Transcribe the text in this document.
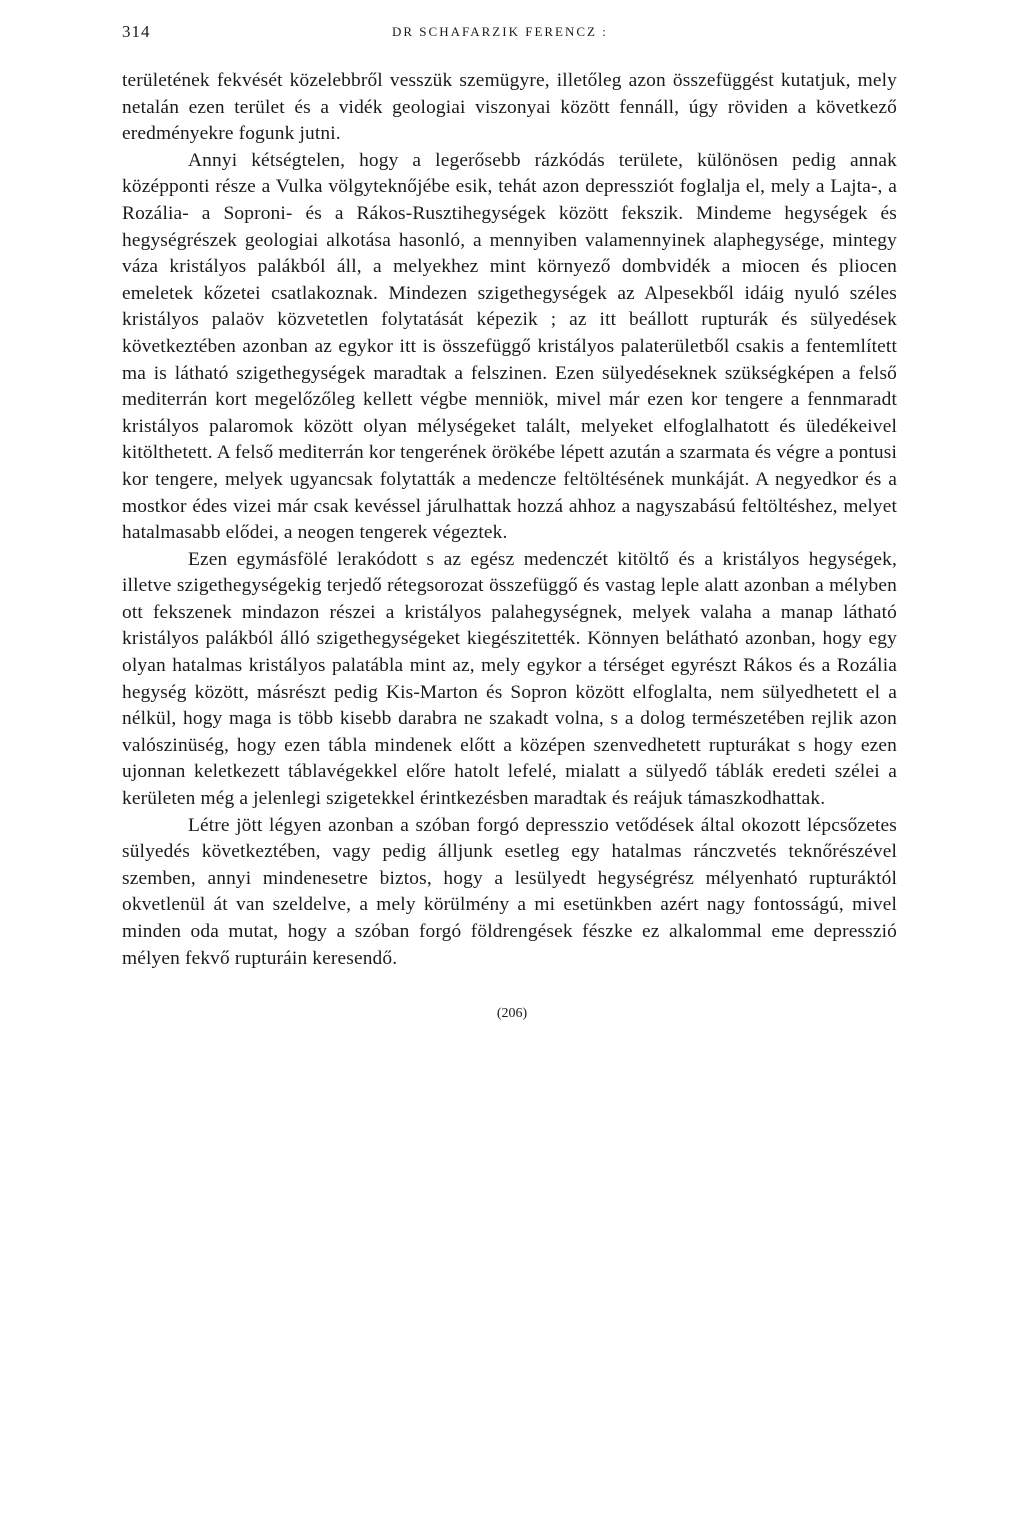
314	DR SCHAFARZIK FERENCZ :

területének fekvését közelebbről vesszük szemügyre, illetőleg azon összefüggést kutatjuk, mely netalán ezen terület és a vidék geologiai viszonyai között fennáll, úgy röviden a következő eredményekre fogunk jutni.

Annyi kétségtelen, hogy a legerősebb rázkódás területe, különösen pedig annak középponti része a Vulka völgyteknőjébe esik, tehát azon depressziót foglalja el, mely a Lajta-, a Rozália- a Soproni- és a Rákos-Rusztihegységek között fekszik. Mindeme hegységek és hegységrészek geologiai alkotása hasonló, a mennyiben valamennyinek alaphegysége, mintegy váza kristályos palákból áll, a melyekhez mint környező dombvidék a miocen és pliocen emeletek kőzetei csatlakoznak. Mindezen szigethegységek az Alpesekből idáig nyuló széles kristályos palaöv közvetetlen folytatását képezik ; az itt beállott rupturák és sülyedések következtében azonban az egykor itt is összefüggő kristályos palaterületből csakis a fentemlített ma is látható szigethegységek maradtak a felszinen. Ezen sülyedéseknek szükségképen a felső mediterrán kort megelőzőleg kellett végbe menniök, mivel már ezen kor tengere a fennmaradt kristályos palaromok között olyan mélységeket talált, melyeket elfoglalhatott és üledékeivel kitölthetett. A felső mediterrán kor tengerének örökébe lépett azután a szarmata és végre a pontusi kor tengere, melyek ugyancsak folytatták a medencze feltöltésének munkáját. A negyedkor és a mostkor édes vizei már csak kevéssel járulhattak hozzá ahhoz a nagyszabású feltöltéshez, melyet hatalmasabb elődei, a neogen tengerek végeztek.

Ezen egymásfölé lerakódott s az egész medenczét kitöltő és a kristályos hegységek, illetve szigethegységekig terjedő rétegsorozat összefüggő és vastag leple alatt azonban a mélyben ott fekszenek mindazon részei a kristályos palahegységnek, melyek valaha a manap látható kristályos palákból álló szigethegységeket kiegészitették. Könnyen belátható azonban, hogy egy olyan hatalmas kristályos palatábla mint az, mely egykor a térséget egyrészt Rákos és a Rozália hegység között, másrészt pedig Kis-Marton és Sopron között elfoglalta, nem sülyedhetett el a nélkül, hogy maga is több kisebb darabra ne szakadt volna, s a dolog természetében rejlik azon valószinüség, hogy ezen tábla mindenek előtt a középen szenvedhetett rupturákat s hogy ezen ujonnan keletkezett táblavégekkel előre hatolt lefelé, mialatt a sülyedő táblák eredeti szélei a kerületen még a jelenlegi szigetekkel érintkezésben maradtak és reájuk támaszkodhattak.

Létre jött légyen azonban a szóban forgó depresszio vetődések által okozott lépcsőzetes sülyedés következtében, vagy pedig álljunk esetleg egy hatalmas ránczvetés teknőrészével szemben, annyi mindenesetre biztos, hogy a lesülyedt hegységrész mélyenható rupturáktól okvetlenül át van szeldelve, a mely körülmény a mi esetünkben azért nagy fontosságú, mivel minden oda mutat, hogy a szóban forgó földrengések fészke ez alkalommal eme depresszió mélyen fekvő rupturáin keresendő.

(206)
